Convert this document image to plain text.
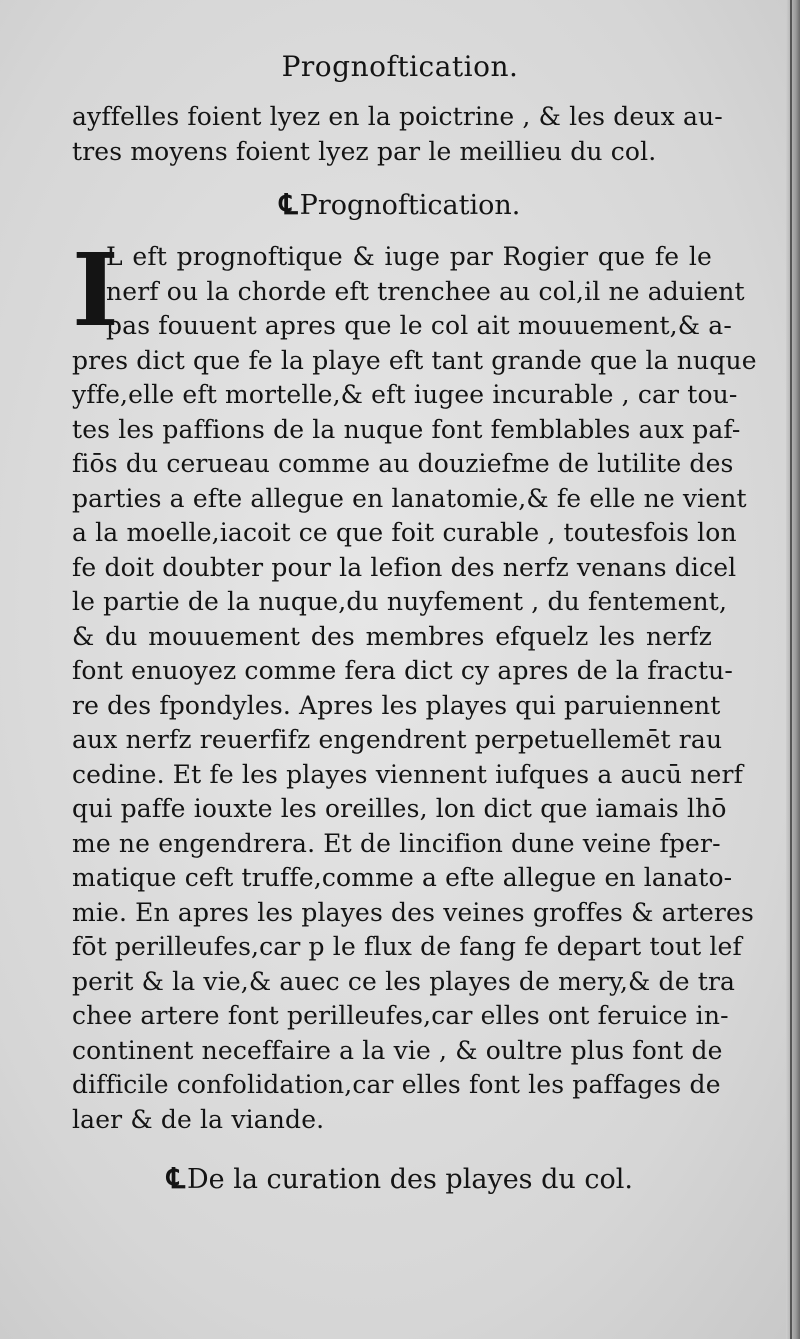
Prognoftication.
ayffelles foient lyez en la poictrine , & les deux au-
tres moyens foient lyez par le meillieu du col.
℄Prognoftication.
I
L eft prognoftique & iuge par Rogier que fe le
nerf ou la chorde eft trenchee au col,il ne aduient
pas fouuent apres que le col ait mouuement,& a-
pres dict que fe la playe eft tant grande que la nuque
yffe,elle eft mortelle,& eft iugee incurable , car tou-
tes les paffions de la nuque font femblables aux paf-
fiōs du cerueau comme au douziefme de lutilite des
parties a efte allegue en lanatomie,& fe elle ne vient
a la moelle,iacoit ce que foit curable , toutesfois lon
fe doit doubter pour la lefion des nerfz venans dicel
le partie de la nuque,du nuyfement , du fentement,
& du mouuement des membres efquelz les nerfz
font enuoyez comme fera dict cy apres de la fractu-
re des fpondyles. Apres les playes qui paruiennent
aux nerfz reuerfifz engendrent perpetuellemēt rau
cedine. Et fe les playes viennent iufques a aucū nerf
qui paffe iouxte les oreilles, lon dict que iamais lhō
me ne engendrera. Et de lincifion dune veine fper-
matique ceft truffe,comme a efte allegue en lanato-
mie. En apres les playes des veines groffes & arteres
fōt perilleufes,car p le flux de fang fe depart tout lef
perit & la vie,& auec ce les playes de mery,& de tra
chee artere font perilleufes,car elles ont feruice in-
continent neceffaire a la vie , & oultre plus font de
difficile confolidation,car elles font les paffages de
laer & de la viande.
℄De la curation des playes du col.
